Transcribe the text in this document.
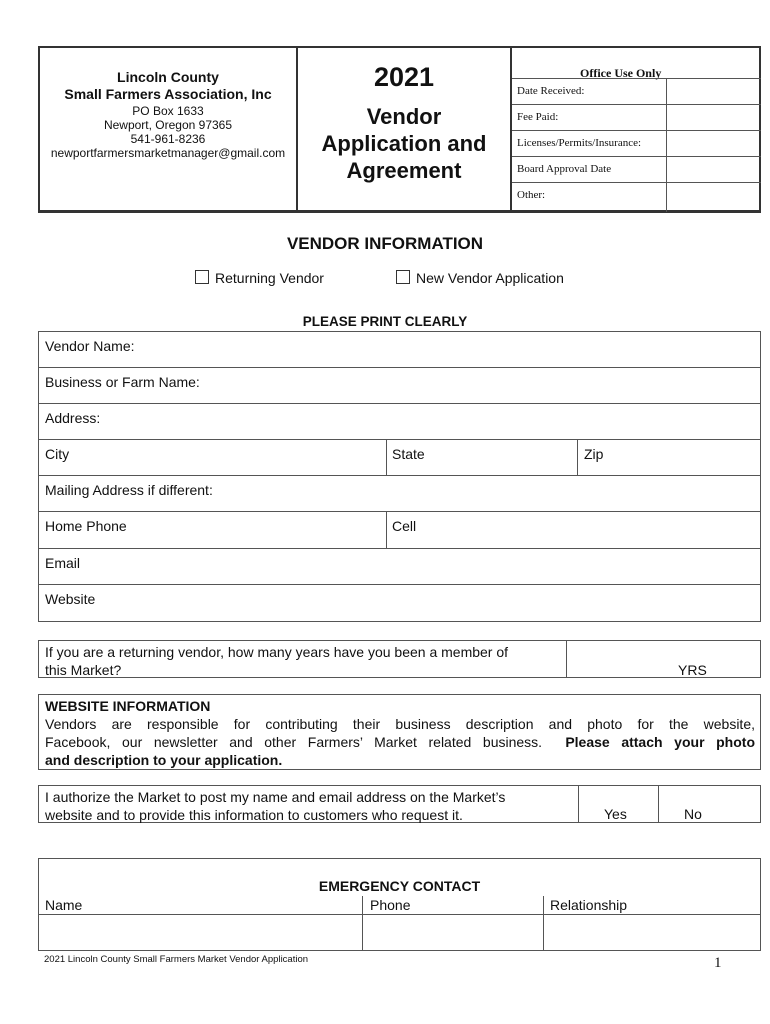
Lincoln County
Small Farmers Association, Inc
PO Box 1633
Newport, Oregon 97365
541-961-8236
newportfarmersmarketmanager@gmail.com
2021
Vendor
Application and
Agreement
Office Use Only
Date Received:
Fee Paid:
Licenses/Permits/Insurance:
Board Approval Date
Other:
VENDOR INFORMATION
Returning Vendor	New Vendor Application
PLEASE PRINT CLEARLY
Vendor Name:
Business or Farm Name:
Address:
City	State	Zip
Mailing Address if different:
Home Phone	Cell
Email
Website
If you are a returning vendor, how many years have you been a member of
this Market?	YRS
WEBSITE INFORMATION
Vendors are responsible for contributing their business description and photo for the website,
Facebook, our newsletter and other Farmers’ Market related business. Please attach your photo
and description to your application.
I authorize the Market to post my name and email address on the Market’s
website and to provide this information to customers who request it.	Yes	No
EMERGENCY CONTACT
Name	Phone	Relationship
2021 Lincoln County Small Farmers Market Vendor Application	1
